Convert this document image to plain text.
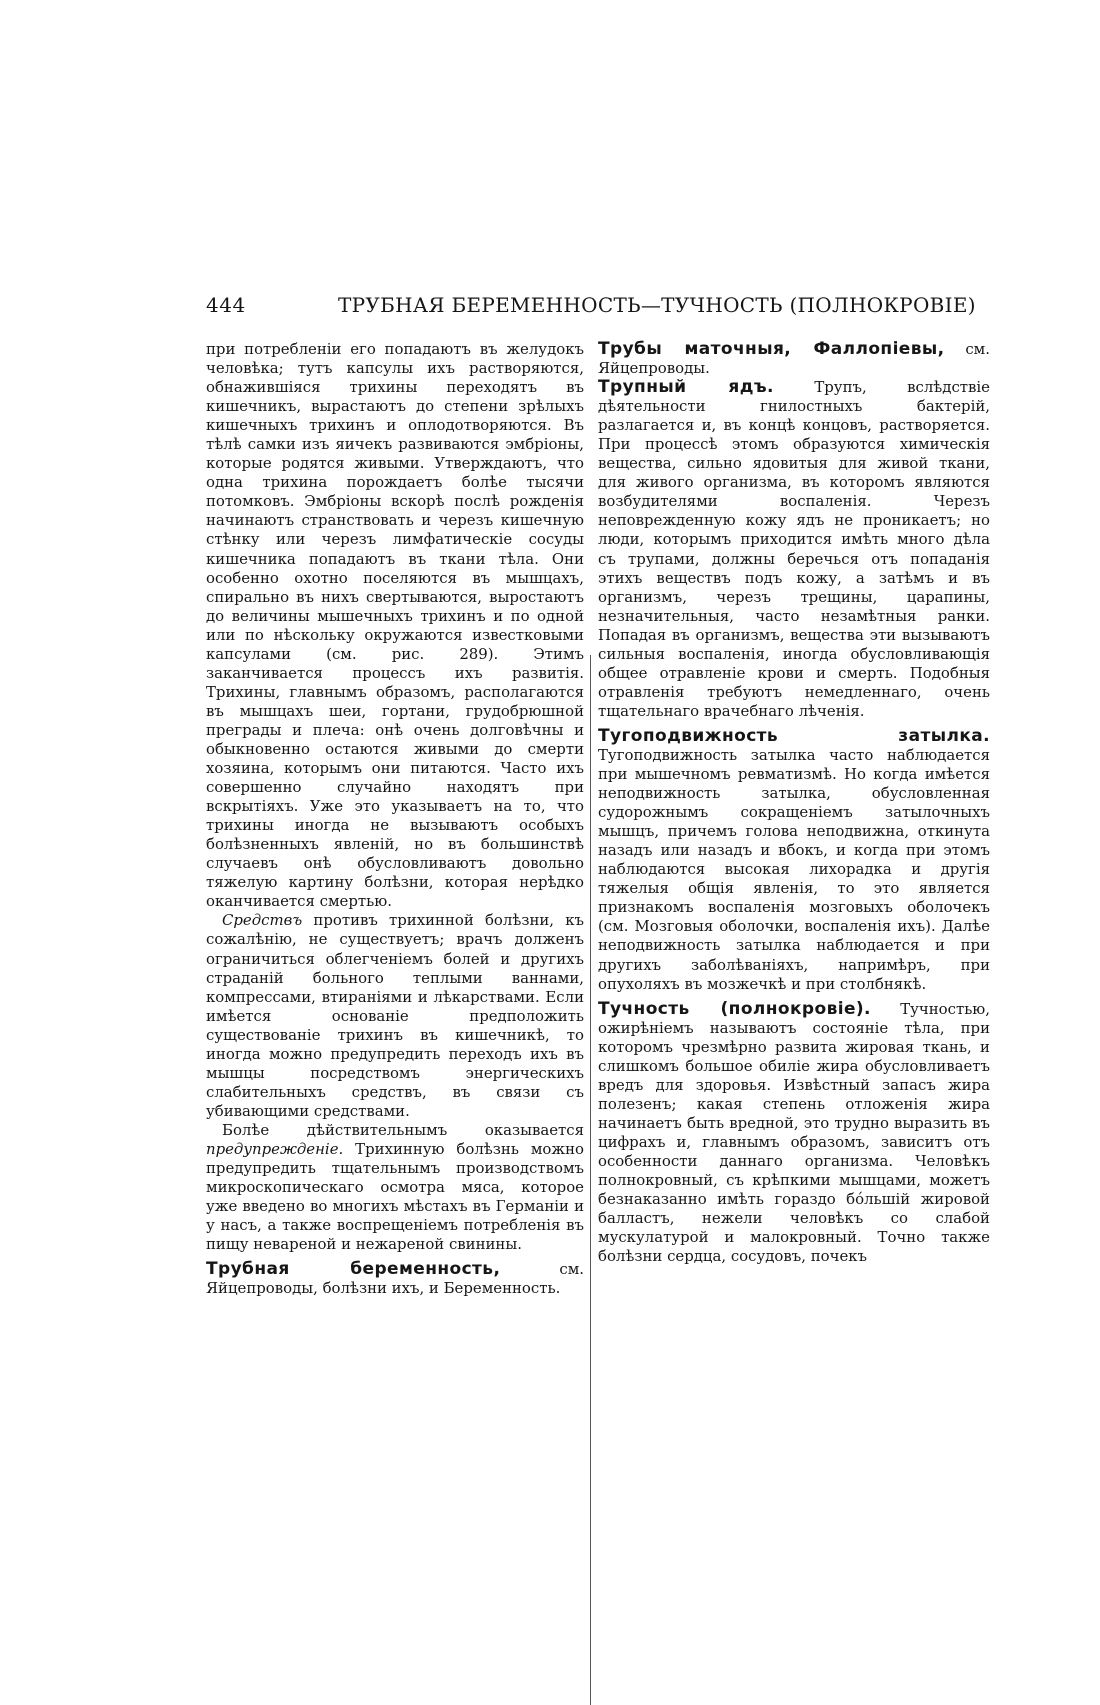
444	ТРУБНАЯ БЕРЕМЕННОСТЬ—ТУЧНОСТЬ (ПОЛНОКРОВІЕ)

при потребленіи его попадаютъ въ желудокъ человѣка; тутъ капсулы ихъ растворяются, обнажившіяся трихины переходятъ въ кишечникъ, вырастаютъ до степени зрѣлыхъ кишечныхъ трихинъ и оплодотворяются. Въ тѣлѣ самки изъ яичекъ развиваются эмбріоны, которые родятся живыми. Утверждаютъ, что одна трихина порождаетъ болѣе тысячи потомковъ. Эмбріоны вскорѣ послѣ рожденія начинаютъ странствовать и черезъ кишечную стѣнку или черезъ лимфатическіе сосуды кишечника попадаютъ въ ткани тѣла. Они особенно охотно поселяются въ мышцахъ, спирально въ нихъ свертываются, выростаютъ до величины мышечныхъ трихинъ и по одной или по нѣскольку окружаются известковыми капсулами (см. рис. 289). Этимъ заканчивается процессъ ихъ развитія. Трихины, главнымъ образомъ, располагаются въ мышцахъ шеи, гортани, грудобрюшной преграды и плеча: онѣ очень долговѣчны и обыкновенно остаются живыми до смерти хозяина, которымъ они питаются. Часто ихъ совершенно случайно находятъ при вскрытіяхъ. Уже это указываетъ на то, что трихины иногда не вызываютъ особыхъ болѣзненныхъ явленій, но въ большинствѣ случаевъ онѣ обусловливаютъ довольно тяжелую картину болѣзни, которая нерѣдко оканчивается смертью.

Средствъ противъ трихинной болѣзни, къ сожалѣнію, не существуетъ; врачъ долженъ ограничиться облегченіемъ болей и другихъ страданій больного теплыми ваннами, компрессами, втираніями и лѣкарствами. Если имѣется основаніе предположить существованіе трихинъ въ кишечникѣ, то иногда можно предупредить переходъ ихъ въ мышцы посредствомъ энергическихъ слабительныхъ средствъ, въ связи съ убивающими средствами.

Болѣе дѣйствительнымъ оказывается предупрежденіе. Трихинную болѣзнь можно предупредить тщательнымъ производствомъ микроскопическаго осмотра мяса, которое уже введено во многихъ мѣстахъ въ Германіи и у насъ, а также воспрещеніемъ потребленія въ пищу невареной и нежареной свинины.

Трубная беременность, см. Яйцепроводы, болѣзни ихъ, и Беременность.

Трубы маточныя, Фаллопіевы, см. Яйцепроводы.

Трупный ядъ. Трупъ, вслѣдствіе дѣятельности гнилостныхъ бактерій, разлагается и, въ концѣ концовъ, растворяется. При процессѣ этомъ образуются химическія вещества, сильно ядовитыя для живой ткани, для живого организма, въ которомъ являются возбудителями воспаленія. Черезъ неповрежденную кожу ядъ не проникаетъ; но люди, которымъ приходится имѣть много дѣла съ трупами, должны беречься отъ попаданія этихъ веществъ подъ кожу, а затѣмъ и въ организмъ, черезъ трещины, царапины, незначительныя, часто незамѣтныя ранки. Попадая въ организмъ, вещества эти вызываютъ сильныя воспаленія, иногда обусловливающія общее отравленіе крови и смерть. Подобныя отравленія требуютъ немедленнаго, очень тщательнаго врачебнаго лѣченія.

Тугоподвижность затылка. Тугоподвижность затылка часто наблюдается при мышечномъ ревматизмѣ. Но когда имѣется неподвижность затылка, обусловленная судорожнымъ сокращеніемъ затылочныхъ мышцъ, причемъ голова неподвижна, откинута назадъ или назадъ и вбокъ, и когда при этомъ наблюдаются высокая лихорадка и другія тяжелыя общія явленія, то это является признакомъ воспаленія мозговыхъ оболочекъ (см. Мозговыя оболочки, воспаленія ихъ). Далѣе неподвижность затылка наблюдается и при другихъ заболѣваніяхъ, напримѣръ, при опухоляхъ въ мозжечкѣ и при столбнякѣ.

Тучность (полнокровіе). Тучностью, ожирѣніемъ называютъ состояніе тѣла, при которомъ чрезмѣрно развита жировая ткань, и слишкомъ большое обиліе жира обусловливаетъ вредъ для здоровья. Извѣстный запасъ жира полезенъ; какая степень отложенія жира начинаетъ быть вредной, это трудно выразить въ цифрахъ и, главнымъ образомъ, зависитъ отъ особенности даннаго организма. Человѣкъ полнокровный, съ крѣпкими мышцами, можетъ безнаказанно имѣть гораздо бóльшій жировой балластъ, нежели человѣкъ со слабой мускулатурой и малокровный. Точно также болѣзни сердца, сосудовъ, почекъ
